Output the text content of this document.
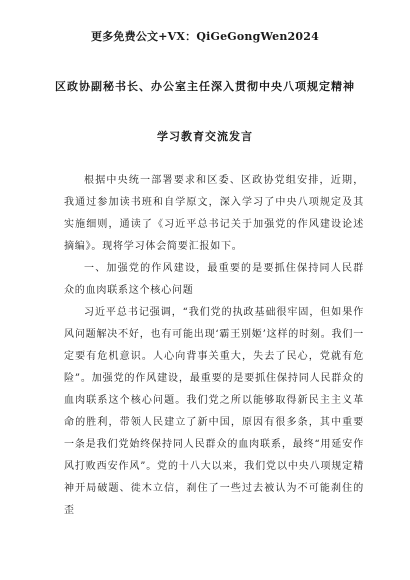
更多免费公文+VX：QiGeGongWen2024
区政协副秘书长、办公室主任深入贯彻中央八项规定精神
学习教育交流发言

根据中央统一部署要求和区委、区政协党组安排，近期，我通过参加读书班和自学原文，深入学习了中央八项规定及其实施细则，通读了《习近平总书记关于加强党的作风建设论述摘编》。现将学习体会简要汇报如下。

一、加强党的作风建设，最重要的是要抓住保持同人民群众的血肉联系这个核心问题

习近平总书记强调，“我们党的执政基础很牢固，但如果作风问题解决不好，也有可能出现‘霸王别姬’这样的时刻。我们一定要有危机意识。人心向背事关重大，失去了民心，党就有危险”。加强党的作风建设，最重要的是要抓住保持同人民群众的血肉联系这个核心问题。我们党之所以能够取得新民主主义革命的胜利，带领人民建立了新中国，原因有很多条，其中重要一条是我们党始终保持同人民群众的血肉联系，最终“用延安作风打败西安作风”。党的十八大以来，我们党以中央八项规定精神开局破题、徙木立信，刹住了一些过去被认为不可能刹住的歪
